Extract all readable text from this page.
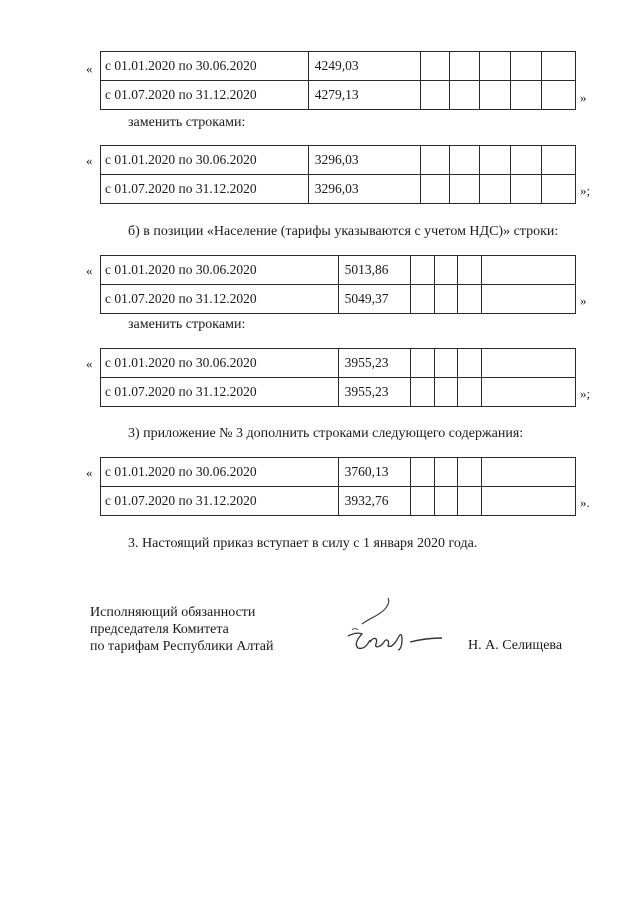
« с 01.01.2020 по 30.06.2020	4249,03					
с 01.07.2020 по 31.12.2020	4279,13						»
заменить строками:
« с 01.01.2020 по 30.06.2020	3296,03					
с 01.07.2020 по 31.12.2020	3296,03						»;
б) в позиции «Население (тарифы указываются с учетом НДС)» строки:
« с 01.01.2020 по 30.06.2020	5013,86				
с 01.07.2020 по 31.12.2020	5049,37					»
заменить строками:
« с 01.01.2020 по 30.06.2020	3955,23				
с 01.07.2020 по 31.12.2020	3955,23					»;
3) приложение № 3 дополнить строками следующего содержания:
« с 01.01.2020 по 30.06.2020	3760,13				
с 01.07.2020 по 31.12.2020	3932,76					».
3. Настоящий приказ вступает в силу с 1 января 2020 года.
Исполняющий обязанности
председателя Комитета
по тарифам Республики Алтай	Н. А. Селищева
